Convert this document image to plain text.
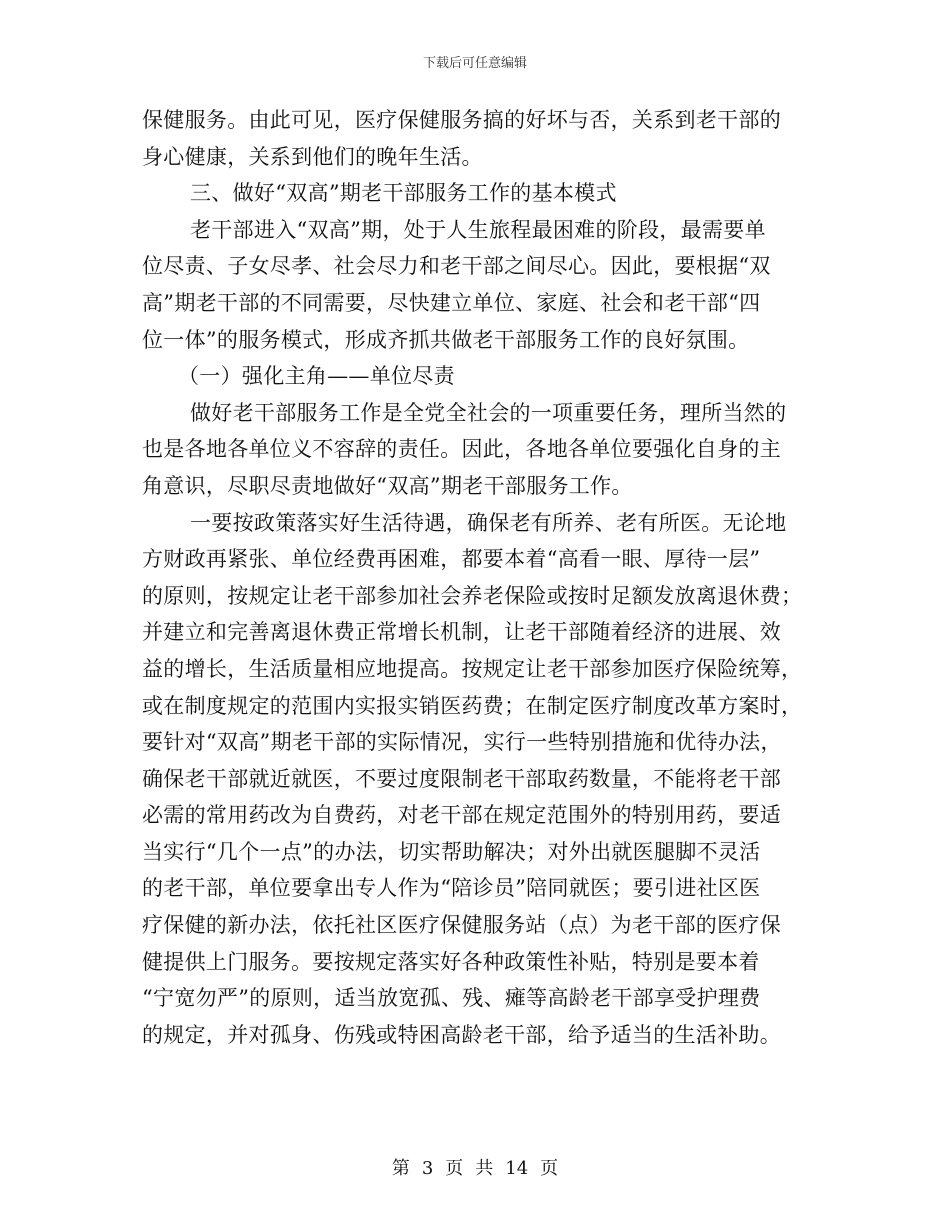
下载后可任意编辑
保健服务。由此可见，医疗保健服务搞的好坏与否，关系到老干部的
身心健康，关系到他们的晚年生活。
三、做好“双高”期老干部服务工作的基本模式
老干部进入“双高”期，处于人生旅程最困难的阶段，最需要单
位尽责、子女尽孝、社会尽力和老干部之间尽心。因此，要根据“双
高”期老干部的不同需要，尽快建立单位、家庭、社会和老干部“四
位一体”的服务模式，形成齐抓共做老干部服务工作的良好氛围。
（一）强化主角——单位尽责
做好老干部服务工作是全党全社会的一项重要任务，理所当然的
也是各地各单位义不容辞的责任。因此，各地各单位要强化自身的主
角意识，尽职尽责地做好“双高”期老干部服务工作。
一要按政策落实好生活待遇，确保老有所养、老有所医。无论地
方财政再紧张、单位经费再困难，都要本着“高看一眼、厚待一层”
的原则，按规定让老干部参加社会养老保险或按时足额发放离退休费；
并建立和完善离退休费正常增长机制，让老干部随着经济的进展、效
益的增长，生活质量相应地提高。按规定让老干部参加医疗保险统筹，
或在制度规定的范围内实报实销医药费；在制定医疗制度改革方案时，
要针对“双高”期老干部的实际情况，实行一些特别措施和优待办法，
确保老干部就近就医，不要过度限制老干部取药数量，不能将老干部
必需的常用药改为自费药，对老干部在规定范围外的特别用药，要适
当实行“几个一点”的办法，切实帮助解决；对外出就医腿脚不灵活
的老干部，单位要拿出专人作为“陪诊员”陪同就医；要引进社区医
疗保健的新办法，依托社区医疗保健服务站（点）为老干部的医疗保
健提供上门服务。要按规定落实好各种政策性补贴，特别是要本着
“宁宽勿严”的原则，适当放宽孤、残、瘫等高龄老干部享受护理费
的规定，并对孤身、伤残或特困高龄老干部，给予适当的生活补助。
第 3 页 共 14 页
